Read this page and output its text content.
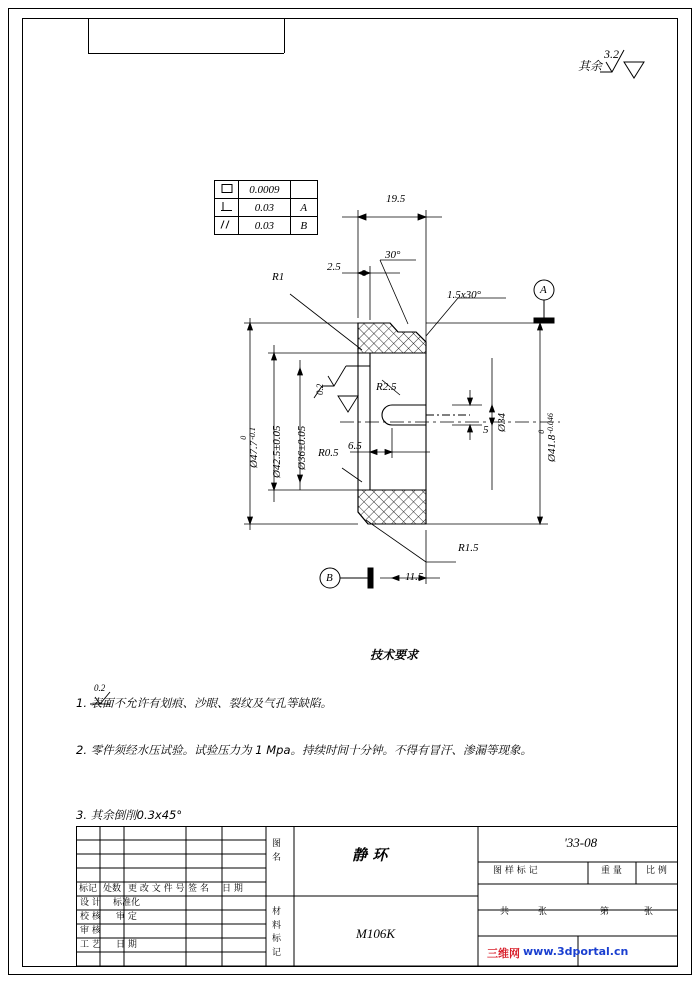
其余
3.2
	0.0009	
	0.03	A
	0.03	B
19.5
2.5
30°
1.5x30°
R1
R2.5
R0.5
R1.5
6.5
5
11.5
0.2
Ø47.7
0 -0.1 Ø42.5±0.05 Ø36±0.05
Ø34
Ø41.8
0 -0.046
A
B
技术要求
0.2
1. 表面不允许有划痕、沙眼、裂纹及气孔等缺陷。
2. 零件须经水压试验。试验压力为 1 Mpa。持续时间十分钟。不得有冒汗、渗漏等现象。
3. 其余倒削0.3x45°
标记 处数 更 改 文 件 号 签 名 日 期
设 计 标准化
校 核 审 定
审 核
工 艺 日 期
图
名	静 环
材
料
标
记
M106K
'33-08
图 样 标 记	重 量	比 例
共	张	第	张
三维网 www.3dportal.cn
